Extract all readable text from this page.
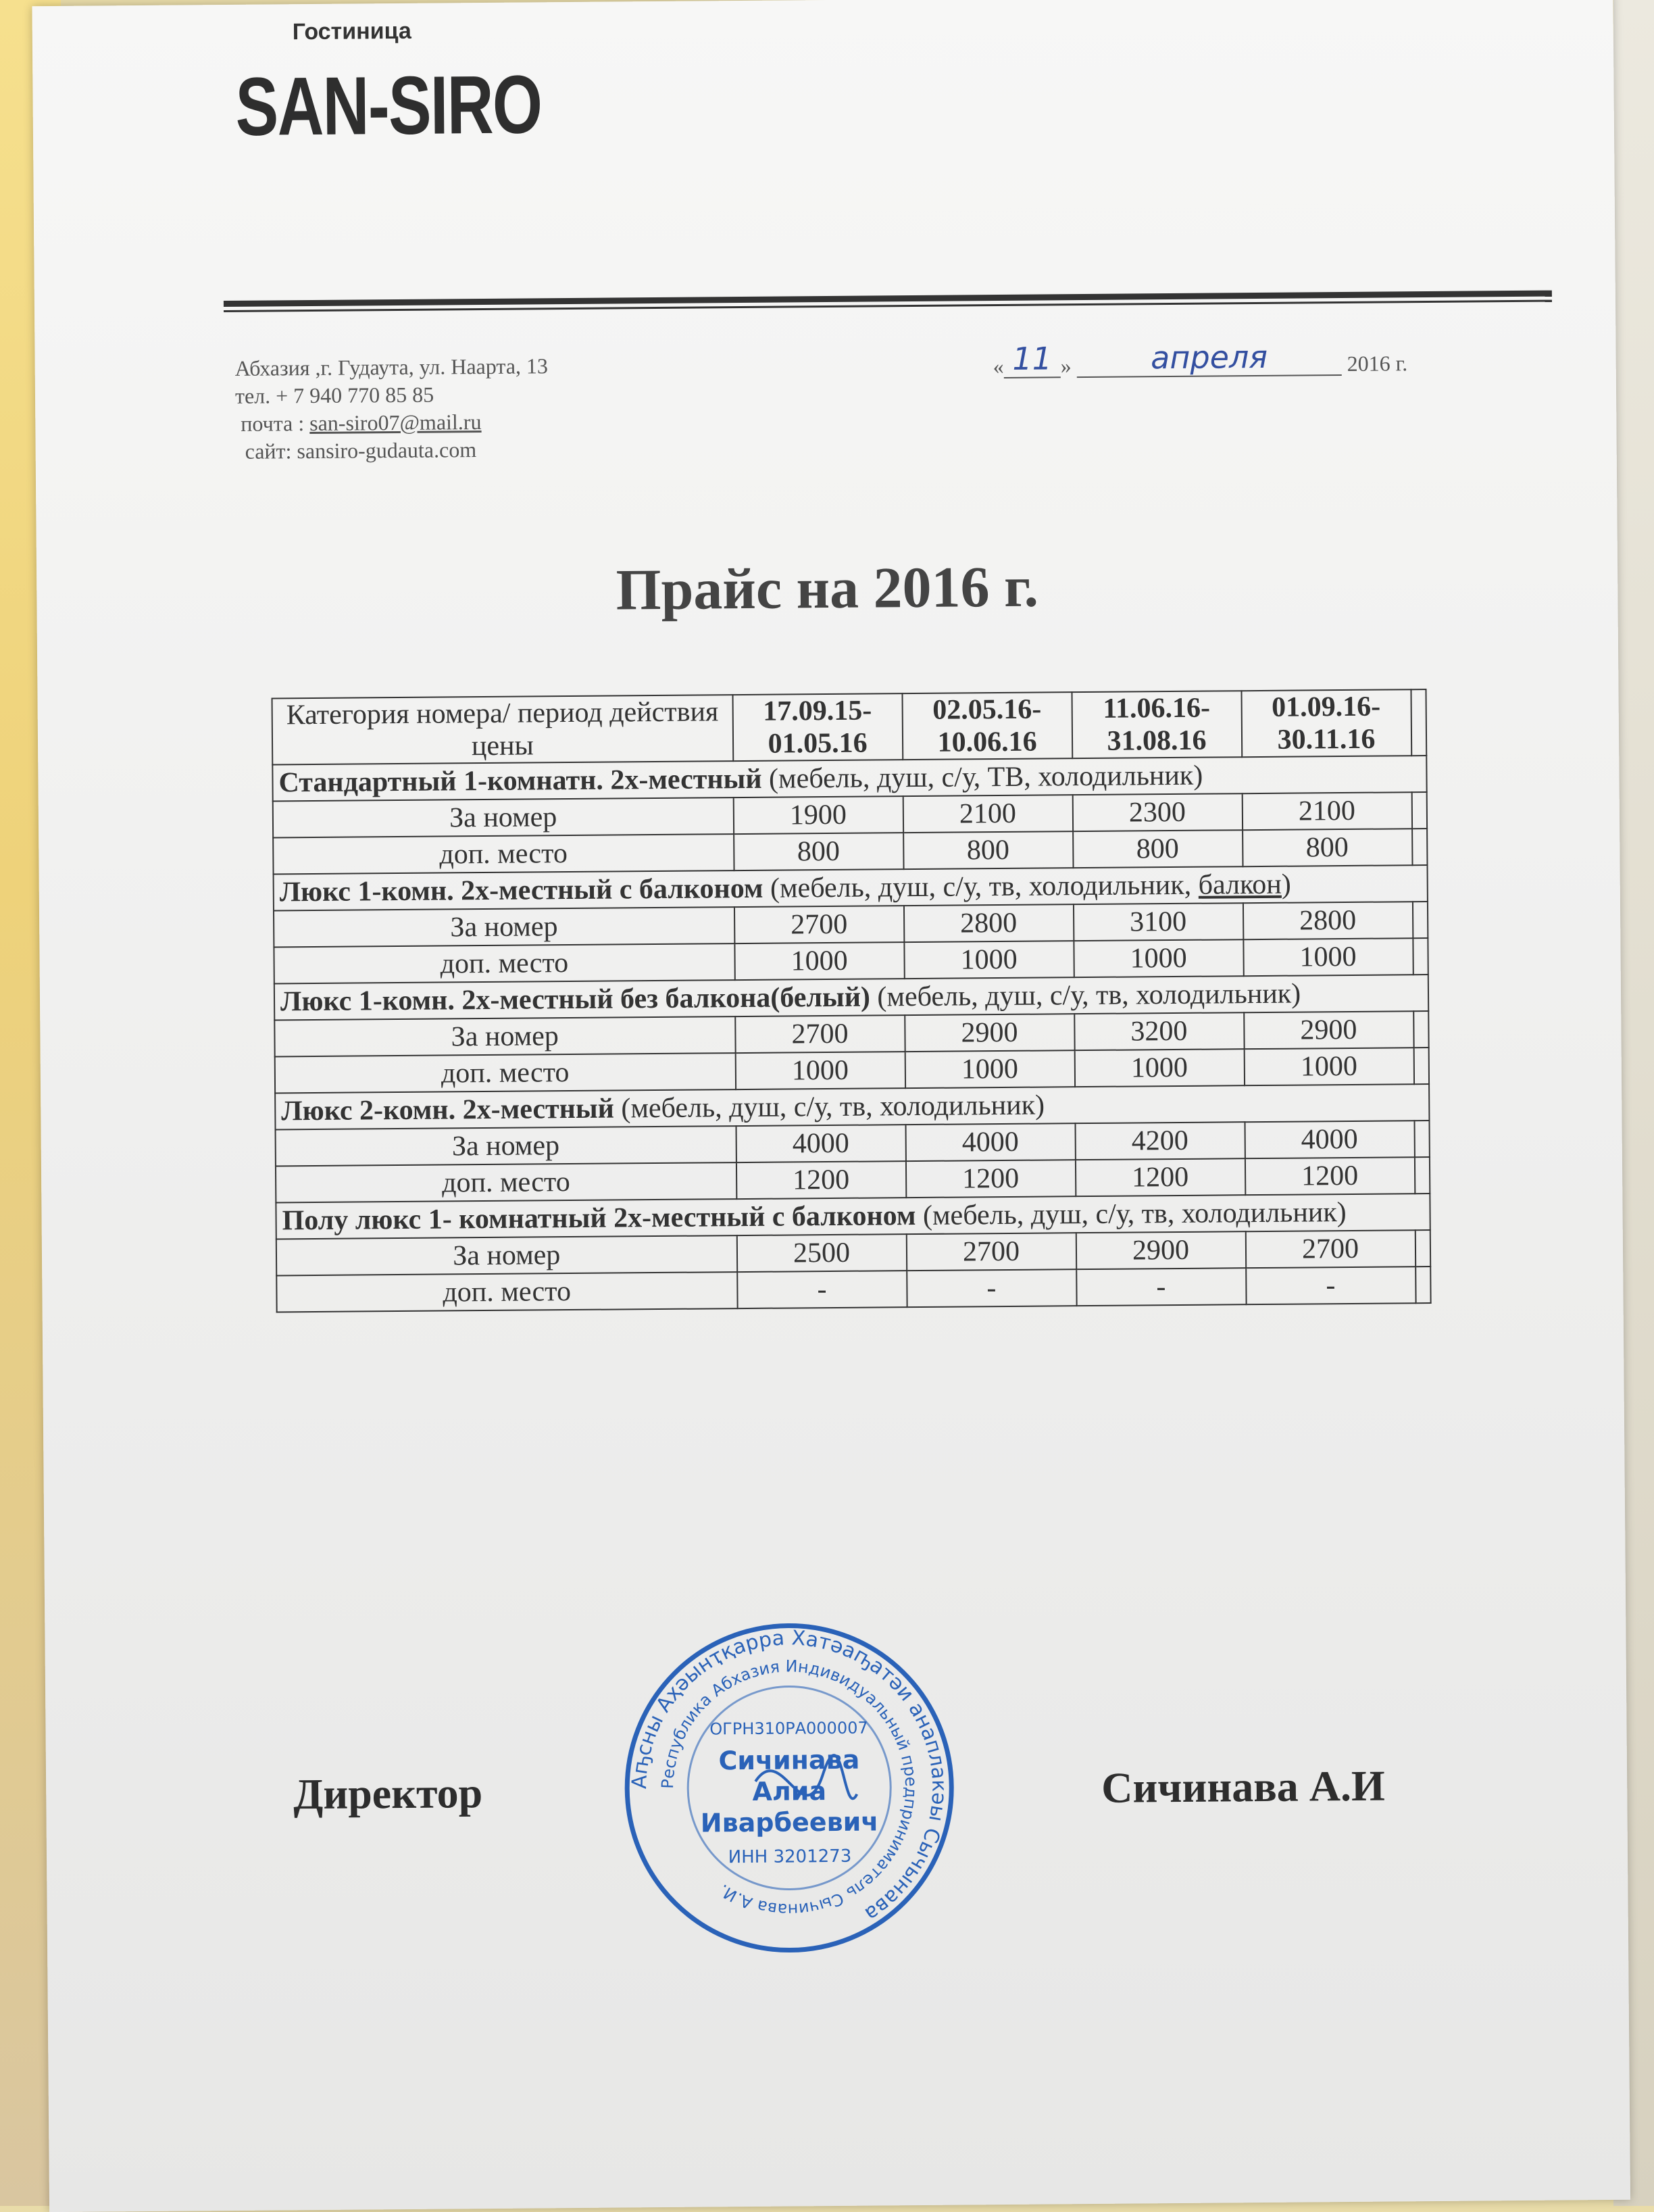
Гостиница
SAN-SIRO
Абхазия ,г. Гудаута, ул. Наарта, 13
тел. + 7 940 770 85 85
почта : san-siro07@mail.ru
сайт: sansiro-gudauta.com
« 11 »	апреля	2016 г.
Прайс на 2016 г.
Категория номера/ период действия цены	17.09.15-01.05.16	02.05.16-10.06.16	11.06.16-31.08.16	01.09.16-30.11.16	
Стандартный 1-комнатн. 2х-местный (мебель, душ, с/у, ТВ, холодильник)					
За номер	1900	2100	2300	2100	
доп. место	800	800	800	800	
Люкс 1-комн. 2х-местный с балконом (мебель, душ, с/у, тв, холодильник, балкон)					
За номер	2700	2800	3100	2800	
доп. место	1000	1000	1000	1000	
Люкс 1-комн. 2х-местный без балкона(белый) (мебель, душ, с/у, тв, холодильник)					
За номер	2700	2900	3200	2900	
доп. место	1000	1000	1000	1000	
Люкс 2-комн. 2х-местный (мебель, душ, с/у, тв, холодильник)					
За номер	4000	4000	4200	4000	
доп. место	1200	1200	1200	1200	
Полу люкс 1- комнатный 2х-местный с балконом (мебель, душ, с/у, тв, холодильник)					
За номер	2500	2700	2900	2700	
доп. место	-	-	-	-	
Директор	Сичинава А.И
Аҧсны Аҳәынҭқарра Хатәаҧатәи анаплакәы Сычынава
Республика Абхазия Индивидуальный предприниматель Сычинава А.И.
ОГРН310РА000007
Сичинава
Алиа
Иварбеевич
ИНН 3201273
